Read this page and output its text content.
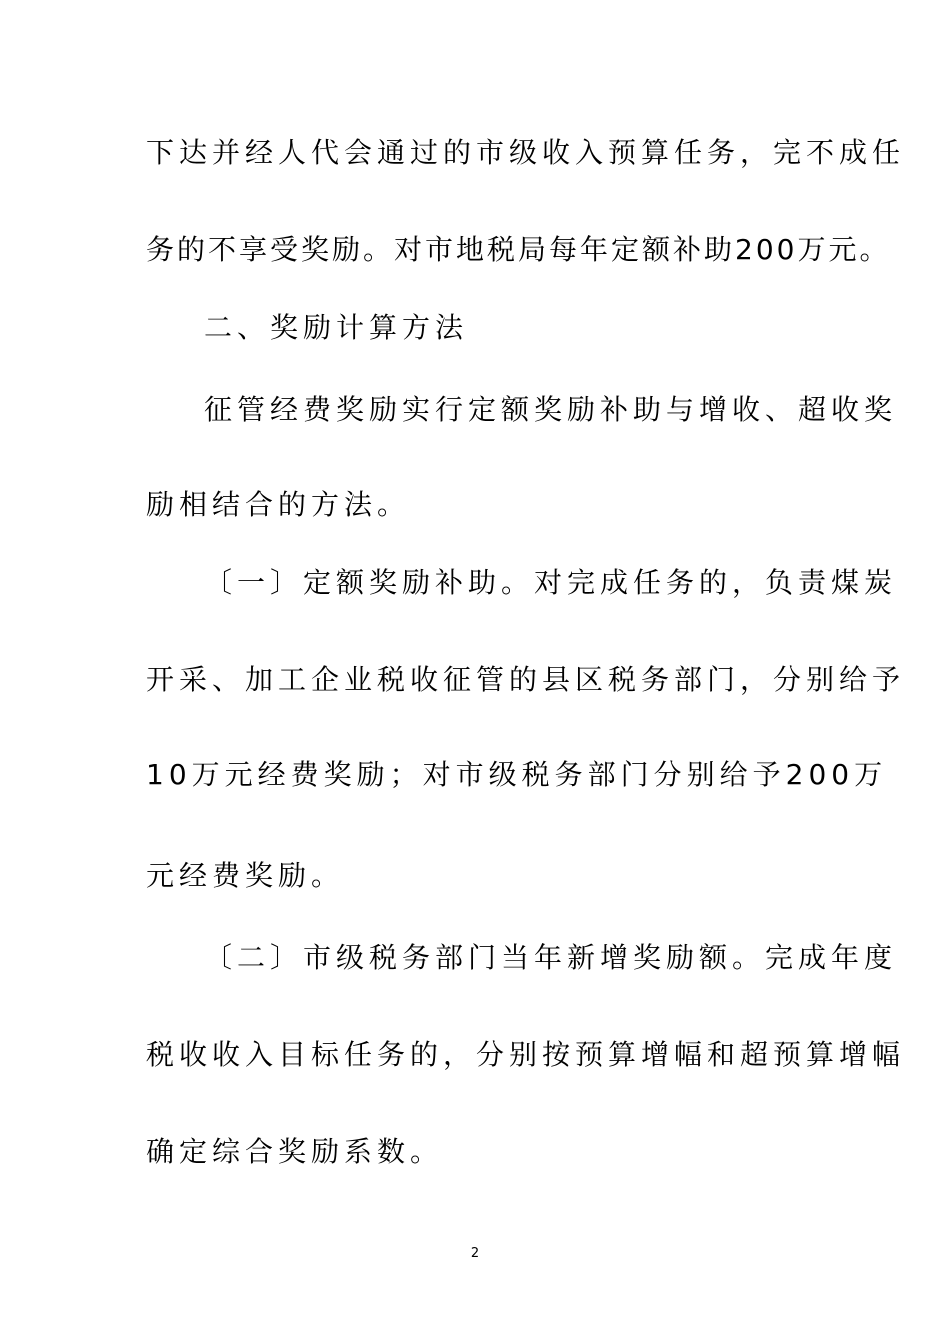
下达并经人代会通过的市级收入预算任务，完不成任
务的不享受奖励。对市地税局每年定额补助200万元。
二、奖励计算方法
征管经费奖励实行定额奖励补助与增收、超收奖
励相结合的方法。
〔一〕定额奖励补助。对完成任务的，负责煤炭
开采、加工企业税收征管的县区税务部门，分别给予
10万元经费奖励；对市级税务部门分别给予200万
元经费奖励。
〔二〕市级税务部门当年新增奖励额。完成年度
税收收入目标任务的，分别按预算增幅和超预算增幅
确定综合奖励系数。
2
